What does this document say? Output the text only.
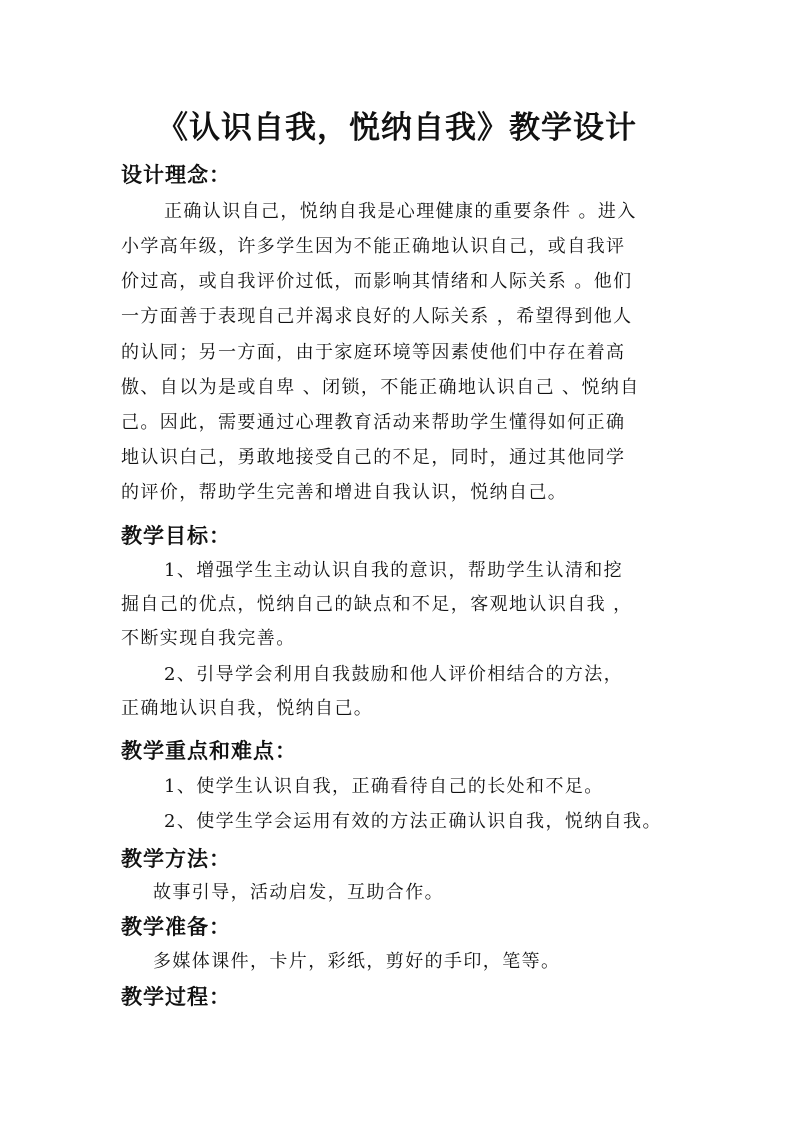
《认识自我，悦纳自我》教学设计
设计理念：
正确认识自己，悦纳自我是心理健康的重要条件 。进入
小学高年级，许多学生因为不能正确地认识自己，或自我评
价过高，或自我评价过低，而影响其情绪和人际关系 。他们
一方面善于表现自己并渴求良好的人际关系 ，希望得到他人
的认同；另一方面，由于家庭环境等因素使他们中存在着高
傲、自以为是或自卑 、闭锁，不能正确地认识自己 、悦纳自
己。因此，需要通过心理教育活动来帮助学生懂得如何正确
地认识白己，勇敢地接受自己的不足，同时，通过其他同学
的评价，帮助学生完善和增进自我认识，悦纳自己。
教学目标：
1、增强学生主动认识自我的意识，帮助学生认清和挖
掘自己的优点，悦纳自己的缺点和不足，客观地认识自我 ，
不断实现自我完善。
2、引导学会利用自我鼓励和他人评价相结合的方法，
正确地认识自我，悦纳自己。
教学重点和难点：
1、使学生认识自我，正确看待自己的长处和不足。
2、使学生学会运用有效的方法正确认识自我，悦纳自我。
教学方法：
故事引导，活动启发，互助合作。
教学准备：
多媒体课件，卡片，彩纸，剪好的手印，笔等。
教学过程：
